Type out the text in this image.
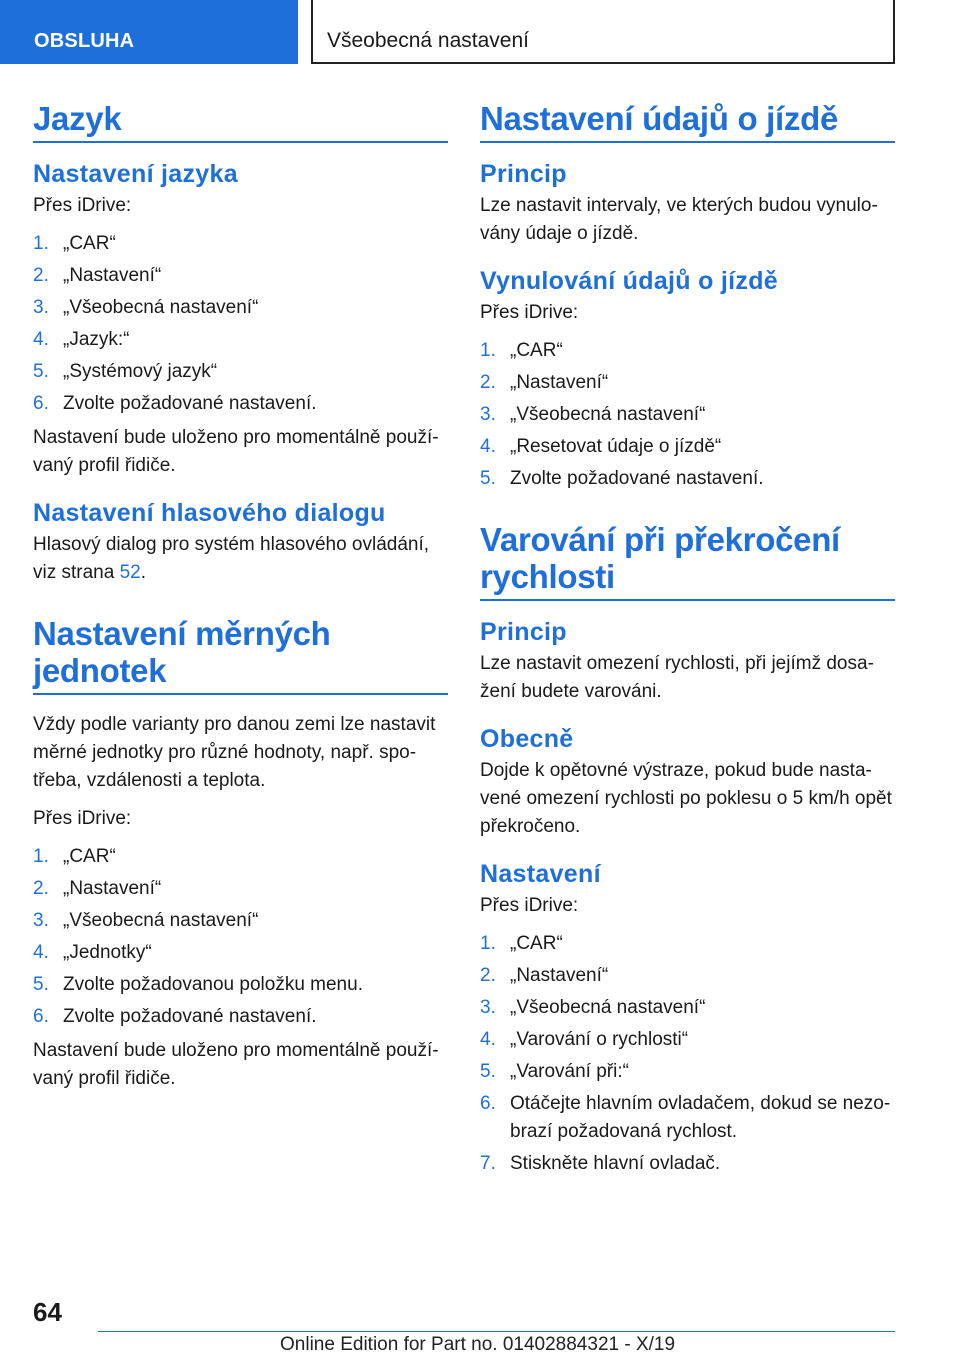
OBSLUHA	Všeobecná nastavení
Jazyk
Nastavení jazyka

Přes iDrive:

1. „CAR“
2. „Nastavení“
3. „Všeobecná nastavení“
4. „Jazyk:“
5. „Systémový jazyk“
6. Zvolte požadované nastavení.

Nastavení bude uloženo pro momentálně používaný profil řidiče.

Nastavení hlasového dialogu

Hlasový dialog pro systém hlasového ovládání, viz strana 52.

Nastavení měrných jednotek

Vždy podle varianty pro danou zemi lze nastavit měrné jednotky pro různé hodnoty, např. spotřeba, vzdálenosti a teplota.

Přes iDrive:

1. „CAR“
2. „Nastavení“
3. „Všeobecná nastavení“
4. „Jednotky“
5. Zvolte požadovanou položku menu.
6. Zvolte požadované nastavení.

Nastavení bude uloženo pro momentálně používaný profil řidiče.

Nastavení údajů o jízdě
Princip

Lze nastavit intervaly, ve kterých budou vynulovány údaje o jízdě.

Vynulování údajů o jízdě

Přes iDrive:

1. „CAR“
2. „Nastavení“
3. „Všeobecná nastavení“
4. „Resetovat údaje o jízdě“
5. Zvolte požadované nastavení.
Varování při překročení rychlosti
Princip

Lze nastavit omezení rychlosti, při jejímž dosažení budete varováni.

Obecně

Dojde k opětovné výstraze, pokud bude nastavené omezení rychlosti po poklesu o 5 km/h opět překročeno.

Nastavení

Přes iDrive:

1. „CAR“
2. „Nastavení“
3. „Všeobecná nastavení“
4. „Varování o rychlosti“
5. „Varování při:“
6. Otáčejte hlavním ovladačem, dokud se nezobrazí požadovaná rychlost.
7. Stiskněte hlavní ovladač.
64
Online Edition for Part no. 01402884321 - X/19
